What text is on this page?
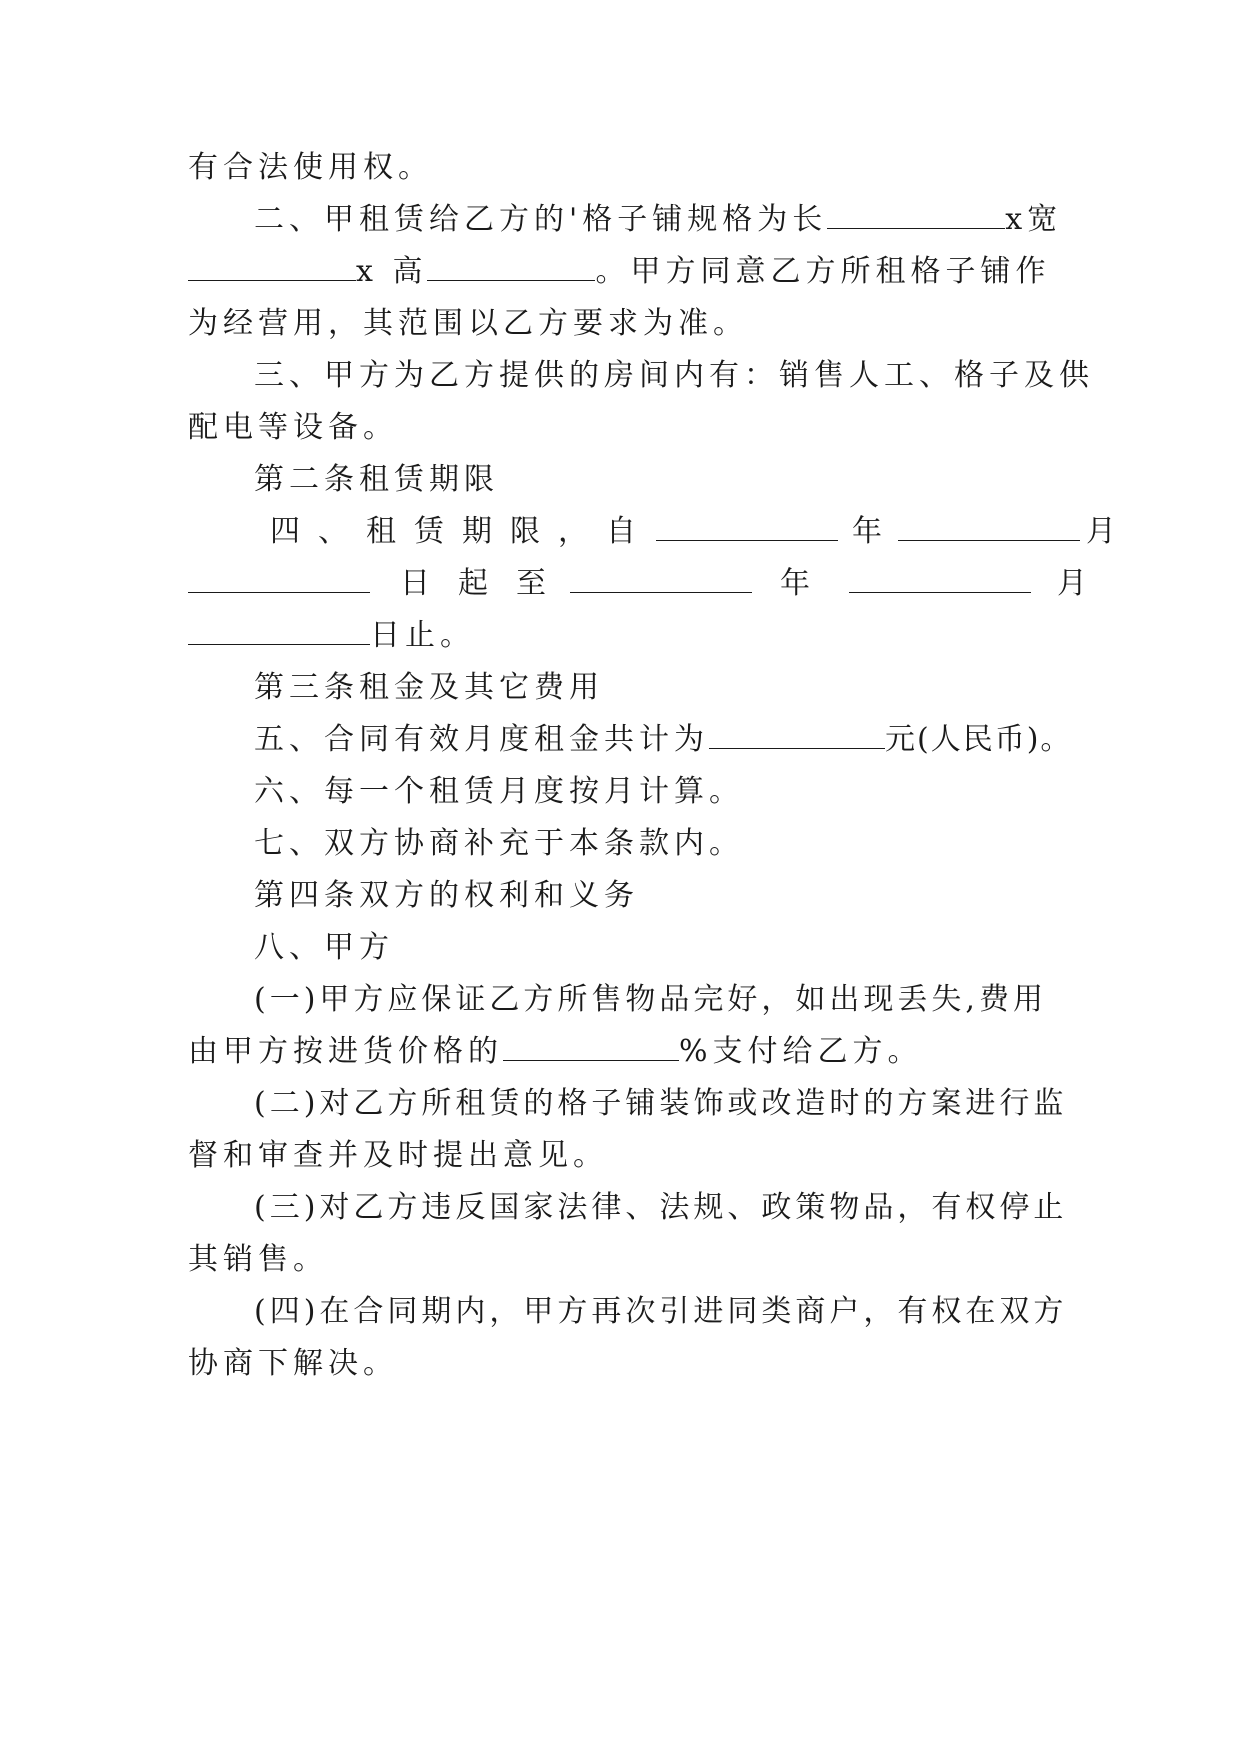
有合法使用权。

二、甲租赁给乙方的'格子铺规格为长	x宽

x 高	。甲方同意乙方所租格子铺作

为经营用，其范围以乙方要求为准。

三、甲方为乙方提供的房间内有：销售人工、格子及供

配电等设备。

第二条租赁期限

四、租赁期限，自	年	月

日起至	年	月

日止。

第三条租金及其它费用

五、合同有效月度租金共计为	元(人民币)。

六、每一个租赁月度按月计算。

七、双方协商补充于本条款内。

第四条双方的权利和义务

八、甲方

(一)甲方应保证乙方所售物品完好，如出现丢失,费用

由甲方按进货价格的	%支付给乙方。

(二)对乙方所租赁的格子铺装饰或改造时的方案进行监

督和审查并及时提出意见。

(三)对乙方违反国家法律、法规、政策物品，有权停止

其销售。

(四)在合同期内，甲方再次引进同类商户，有权在双方

协商下解决。
